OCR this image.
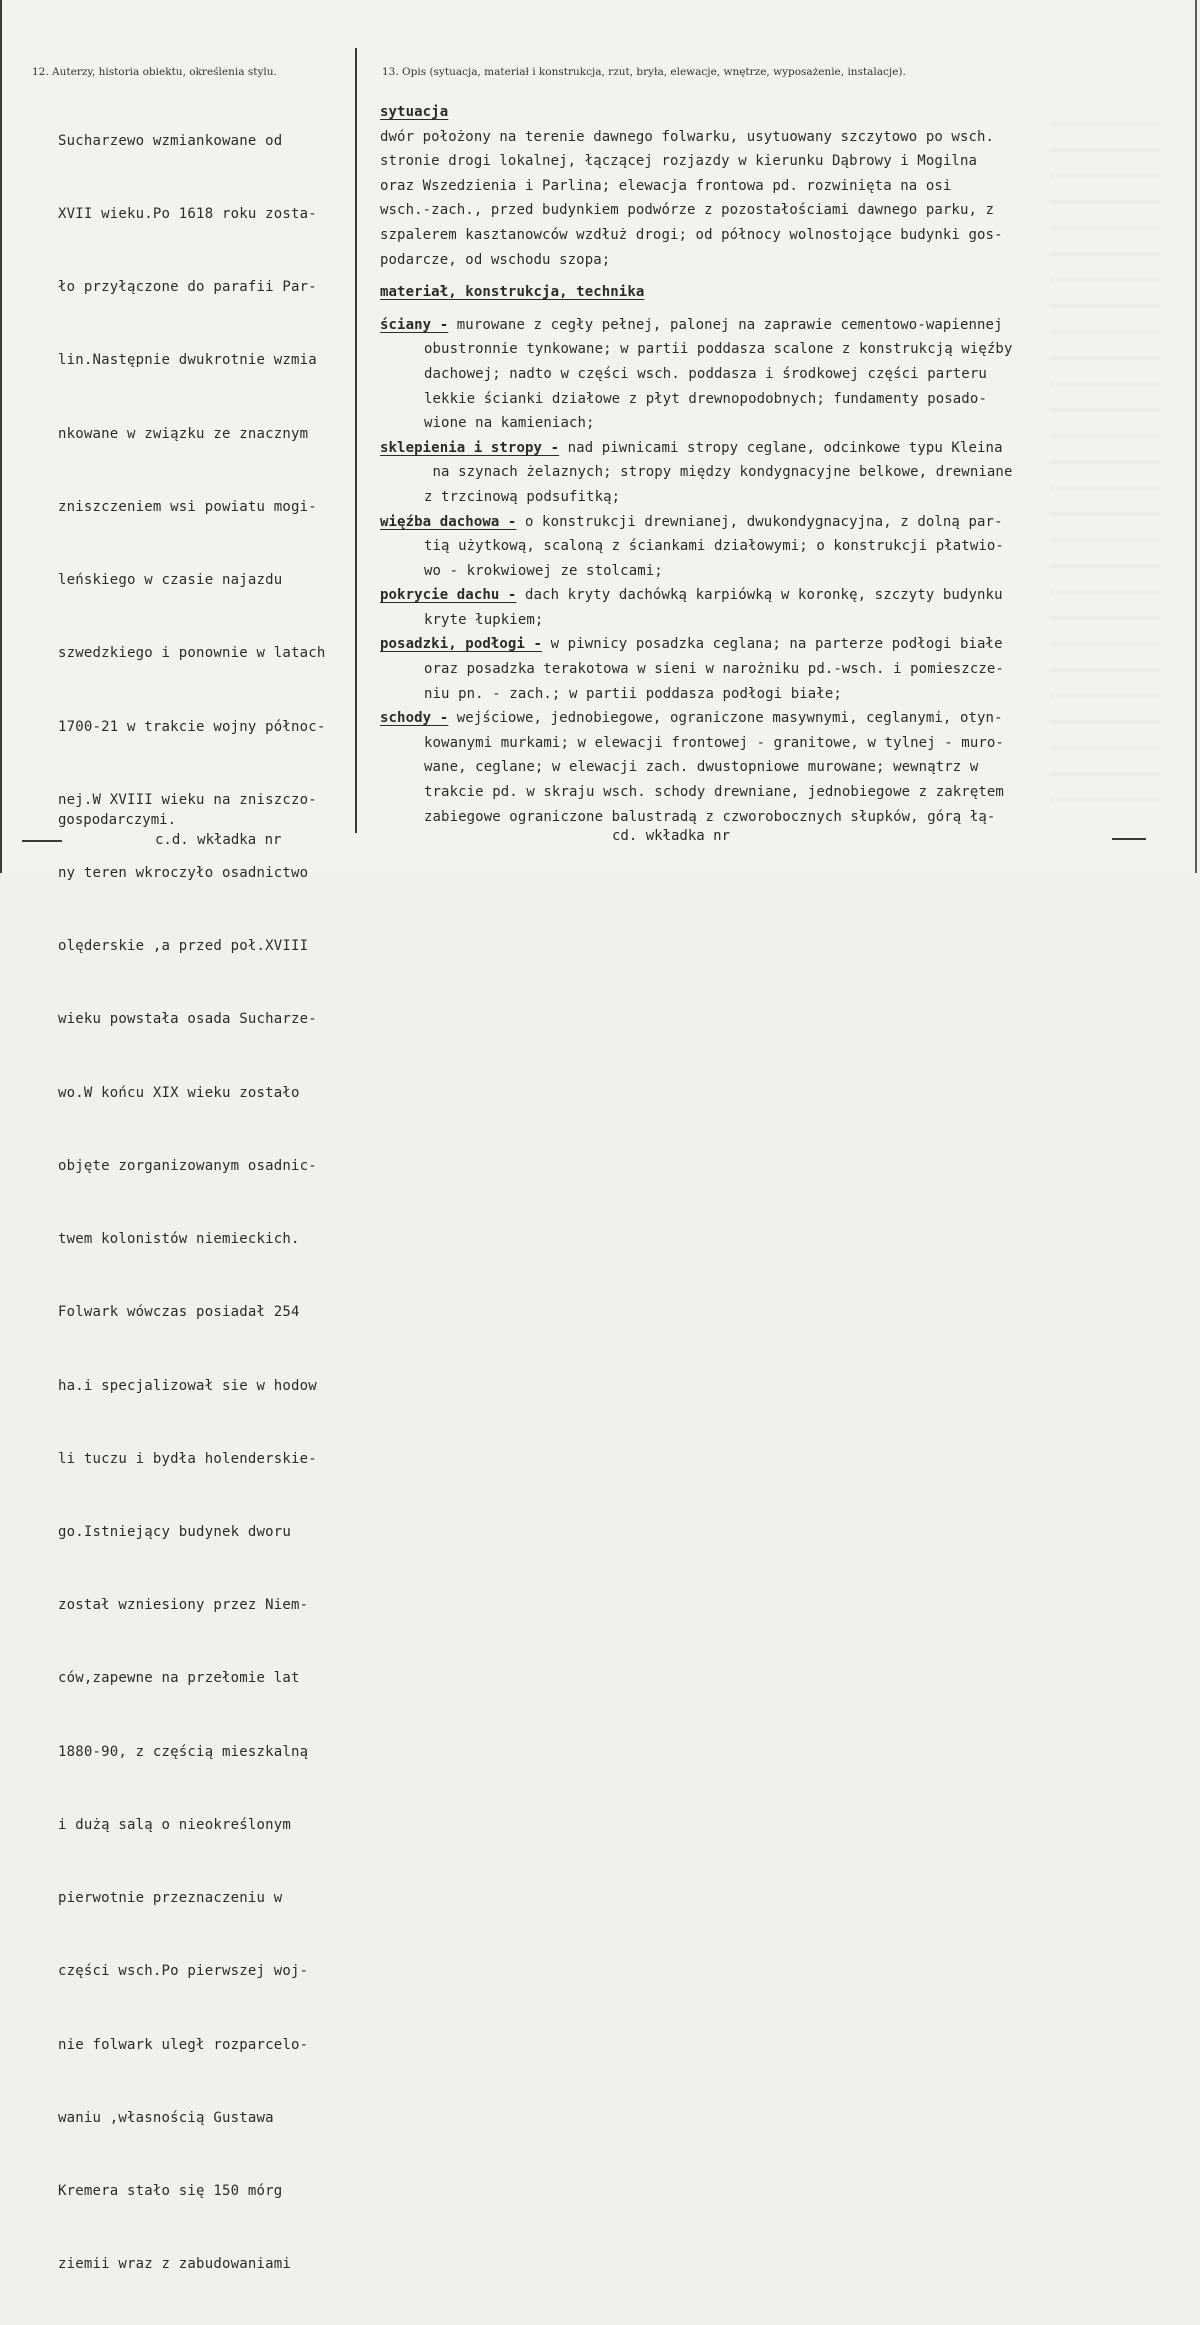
12. Auterzy, historia obiektu, określenia stylu.

Sucharzewo wzmiankowane od

XVII wieku.Po 1618 roku zosta-

ło przyłączone do parafii Par-

lin.Następnie dwukrotnie wzmia

nkowane w związku ze znacznym

zniszczeniem wsi powiatu mogi-

leńskiego w czasie najazdu

szwedzkiego i ponownie w latach

1700-21 w trakcie wojny północ-

nej.W XVIII wieku na zniszczo-

ny teren wkroczyło osadnictwo

olęderskie ,a przed poł.XVIII

wieku powstała osada Sucharze-

wo.W końcu XIX wieku zostało

objęte zorganizowanym osadnic-

twem kolonistów niemieckich.

Folwark wówczas posiadał 254

ha.i specjalizował sie w hodow

li tuczu i bydła holenderskie-

go.Istniejący budynek dworu

został wzniesiony przez Niem-

ców,zapewne na przełomie lat

1880-90, z częścią mieszkalną

i dużą salą o nieokreślonym

pierwotnie przeznaczeniu w

części wsch.Po pierwszej woj-

nie folwark uległ rozparcelo-

waniu ,własnością Gustawa

Kremera stało się 150 mórg

ziemii wraz z zabudowaniami

gospodarczymi.
c.d. wkładka nr
13. Opis (sytuacja, materiał i konstrukcja, rzut, bryła, elewacje, wnętrze, wyposażenie, instalacje).
sytuacja
dwór położony na terenie dawnego folwarku, usytuowany szczytowo po wsch.
stronie drogi lokalnej, łączącej rozjazdy w kierunku Dąbrowy i Mogilna
oraz Wszedzienia i Parlina; elewacja frontowa pd. rozwinięta na osi
wsch.-zach., przed budynkiem podwórze z pozostałościami dawnego parku, z
szpalerem kasztanowców wzdłuż drogi; od północy wolnostojące budynki gos-
podarcze, od wschodu szopa;
materiał, konstrukcja, technika
ściany - murowane z cegły pełnej, palonej na zaprawie cementowo-wapiennej
obustronnie tynkowane; w partii poddasza scalone z konstrukcją więźby
dachowej; nadto w części wsch. poddasza i środkowej części parteru
lekkie ścianki działowe z płyt drewnopodobnych; fundamenty posado-
wione na kamieniach;
sklepienia i stropy - nad piwnicami stropy ceglane, odcinkowe typu Kleina
na szynach żelaznych; stropy między kondygnacyjne belkowe, drewniane
z trzcinową podsufitką;
więźba dachowa - o konstrukcji drewnianej, dwukondygnacyjna, z dolną par-
tią użytkową, scaloną z ściankami działowymi; o konstrukcji płatwio-
wo - krokwiowej ze stolcami;
pokrycie dachu - dach kryty dachówką karpiówką w koronkę, szczyty budynku
kryte łupkiem;
posadzki, podłogi - w piwnicy posadzka ceglana; na parterze podłogi białe
oraz posadzka terakotowa w sieni w narożniku pd.-wsch. i pomieszcze-
niu pn. - zach.; w partii poddasza podłogi białe;
schody - wejściowe, jednobiegowe, ograniczone masywnymi, ceglanymi, otyn-
kowanymi murkami; w elewacji frontowej - granitowe, w tylnej - muro-
wane, ceglane; w elewacji zach. dwustopniowe murowane; wewnątrz w
trakcie pd. w skraju wsch. schody drewniane, jednobiegowe z zakrętem
zabiegowe ograniczone balustradą z czworobocznych słupków, górą łą-
cd. wkładka nr
